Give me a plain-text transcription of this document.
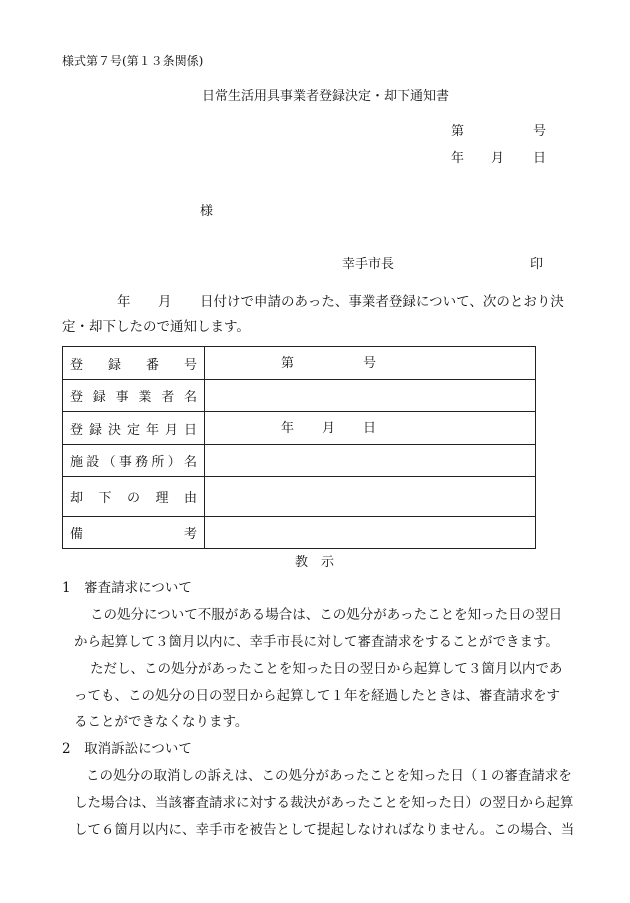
様式第７号(第１３条関係)
日常生活用具事業者登録決定・却下通知書
第	号
年 月 日
様
幸手市長	印
年 月 日付けで申請のあった、事業者登録について、次のとおり決
定・却下したので通知します。
登録番号	第 号

登録事業者名	

登録決定年月日	年 月 日

施設（事務所）名	

却下の理由	

備考	

教　示
1　審査請求について
この処分について不服がある場合は、この処分があったことを知った日の翌日
から起算して３箇月以内に、幸手市長に対して審査請求をすることができます。
ただし、この処分があったことを知った日の翌日から起算して３箇月以内であ
っても、この処分の日の翌日から起算して１年を経過したときは、審査請求をす
ることができなくなります。
2　取消訴訟について
この処分の取消しの訴えは、この処分があったことを知った日（１の審査請求を
した場合は、当該審査請求に対する裁決があったことを知った日）の翌日から起算
して６箇月以内に、幸手市を被告として提起しなければなりません。この場合、当
